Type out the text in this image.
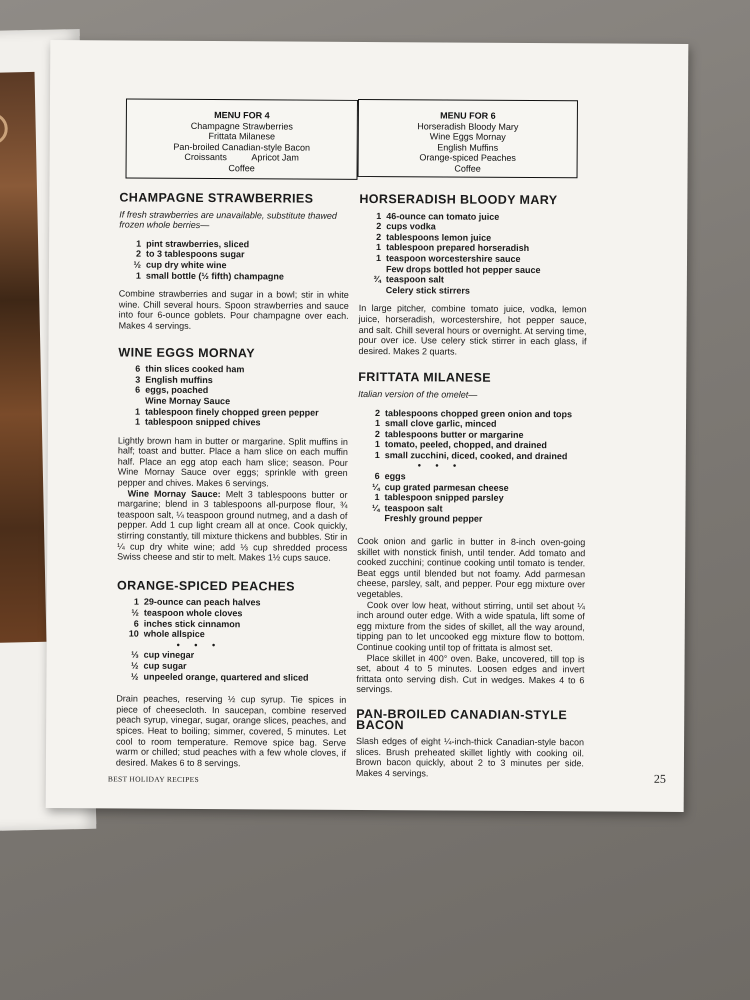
MENU FOR 4
Champagne Strawberries
Frittata Milanese
Pan-broiled Canadian-style Bacon
Croissants          Apricot Jam
Coffee
MENU FOR 6
Horseradish Bloody Mary
Wine Eggs Mornay
English Muffins
Orange-spiced Peaches
Coffee
CHAMPAGNE STRAWBERRIES
If fresh strawberries are unavailable, substitute thawed frozen whole berries—
1 pint strawberries, sliced
2 to 3 tablespoons sugar
½ cup dry white wine
1 small bottle (½ fifth) champagne

Combine strawberries and sugar in a bowl; stir in white wine. Chill several hours. Spoon strawberries and sauce into four 6-ounce goblets. Pour champagne over each. Makes 4 servings.

WINE EGGS MORNAY
6 thin slices cooked ham
3 English muffins
6 eggs, poached
Wine Mornay Sauce
1 tablespoon finely chopped green pepper
1 tablespoon snipped chives

Lightly brown ham in butter or margarine. Split muffins in half; toast and butter. Place a ham slice on each muffin half. Place an egg atop each ham slice; season. Pour Wine Mornay Sauce over eggs; sprinkle with green pepper and chives. Makes 6 servings.

Wine Mornay Sauce: Melt 3 tablespoons butter or margarine; blend in 3 tablespoons all-purpose flour, ¾ teaspoon salt, ¼ teaspoon ground nutmeg, and a dash of pepper. Add 1 cup light cream all at once. Cook quickly, stirring constantly, till mixture thickens and bubbles. Stir in ¼ cup dry white wine; add ⅓ cup shredded process Swiss cheese and stir to melt. Makes 1½ cups sauce.

ORANGE-SPICED PEACHES
1 29-ounce can peach halves
½ teaspoon whole cloves
6 inches stick cinnamon
10 whole allspice
• • •
⅓ cup vinegar
½ cup sugar
½ unpeeled orange, quartered and sliced

Drain peaches, reserving ½ cup syrup. Tie spices in piece of cheesecloth. In saucepan, combine reserved peach syrup, vinegar, sugar, orange slices, peaches, and spices. Heat to boiling; simmer, covered, 5 minutes. Let cool to room temperature. Remove spice bag. Serve warm or chilled; stud peaches with a few whole cloves, if desired. Makes 6 to 8 servings.

HORSERADISH BLOODY MARY
1 46-ounce can tomato juice
2 cups vodka
2 tablespoons lemon juice
1 tablespoon prepared horseradish
1 teaspoon worcestershire sauce
Few drops bottled hot pepper sauce
¾ teaspoon salt
Celery stick stirrers

In large pitcher, combine tomato juice, vodka, lemon juice, horseradish, worcestershire, hot pepper sauce, and salt. Chill several hours or overnight. At serving time, pour over ice. Use celery stick stirrer in each glass, if desired. Makes 2 quarts.

FRITTATA MILANESE
Italian version of the omelet—
2 tablespoons chopped green onion and tops
1 small clove garlic, minced
2 tablespoons butter or margarine
1 tomato, peeled, chopped, and drained
1 small zucchini, diced, cooked, and drained
• • •
6 eggs
¼ cup grated parmesan cheese
1 tablespoon snipped parsley
¼ teaspoon salt
Freshly ground pepper

Cook onion and garlic in butter in 8-inch oven-going skillet with nonstick finish, until tender. Add tomato and cooked zucchini; continue cooking until tomato is tender. Beat eggs until blended but not foamy. Add parmesan cheese, parsley, salt, and pepper. Pour egg mixture over vegetables.

Cook over low heat, without stirring, until set about ¼ inch around outer edge. With a wide spatula, lift some of egg mixture from the sides of skillet, all the way around, tipping pan to let uncooked egg mixture flow to bottom. Continue cooking until top of frittata is almost set.

Place skillet in 400° oven. Bake, uncovered, till top is set, about 4 to 5 minutes. Loosen edges and invert frittata onto serving dish. Cut in wedges. Makes 4 to 6 servings.

PAN-BROILED CANADIAN-STYLE BACON

Slash edges of eight ¼-inch-thick Canadian-style bacon slices. Brush preheated skillet lightly with cooking oil. Brown bacon quickly, about 2 to 3 minutes per side. Makes 4 servings.

BEST HOLIDAY RECIPES	25
